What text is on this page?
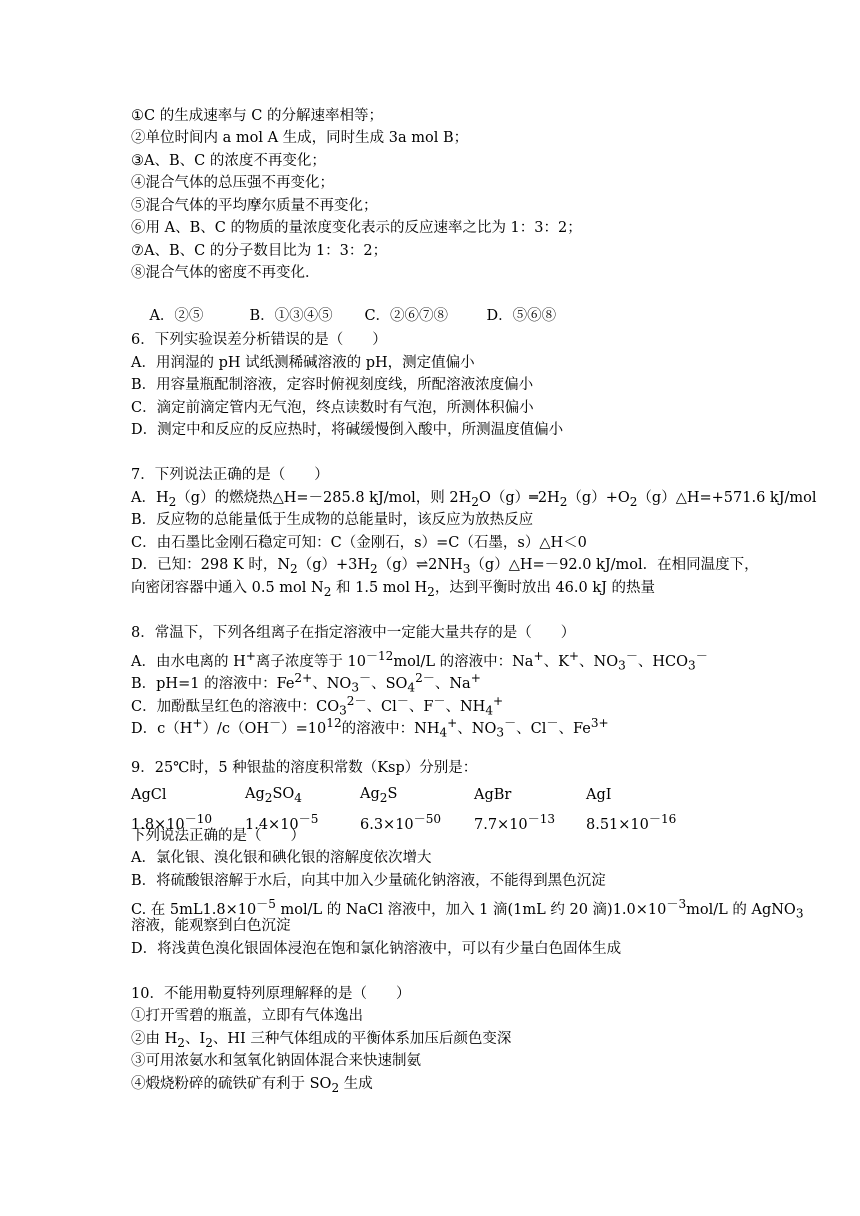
①C 的生成速率与 C 的分解速率相等；
②单位时间内 a mol A 生成，同时生成 3a mol B；
③A、B、C 的浓度不再变化；
④混合气体的总压强不再变化；
⑤混合气体的平均摩尔质量不再变化；
⑥用 A、B、C 的物质的量浓度变化表示的反应速率之比为 1：3：2；
⑦A、B、C 的分子数目比为 1：3：2；
⑧混合气体的密度不再变化．

A．②⑤	B．①③④⑤ C．②⑥⑦⑧	D．⑤⑥⑧

6．下列实验误差分析错误的是（　　）
A．用润湿的 pH 试纸测稀碱溶液的 pH，测定值偏小
B．用容量瓶配制溶液，定容时俯视刻度线，所配溶液浓度偏小
C．滴定前滴定管内无气泡，终点读数时有气泡，所测体积偏小
D．测定中和反应的反应热时，将碱缓慢倒入酸中，所测温度值偏小
7．下列说法正确的是（　　）
A．$H_2(g)$的燃烧热△H=－285.8 kJ/mol，则 $2H_2O(g)═2H_2(g)+O_2(g)\triangle H=+571.6$ kJ/mol
B．反应物的总能量低于生成物的总能量时，该反应为放热反应
C．由石墨比金刚石稳定可知：C（金刚石，s）=C（石墨，s）△H＜0
D．已知：298 K 时，$N_2(g)+3H_2(g)\rightleftharpoons 2NH_3(g)\triangle H=-92.0$ kJ/mol．在相同温度下，
向密闭容器中通入 0.5 mol $N_2$ 和 1.5 mol $H_2$，达到平衡时放出 46.0 kJ 的热量
8．常温下，下列各组离子在指定溶液中一定能大量共存的是（　　）
A．由水电离的 H+离子浓度等于 $10^{-12}mol/L$ 的溶液中：Na+、K+、$NO_3^-$、$HCO_3^-$
B．pH=1 的溶液中：$Fe^{2+}$、$NO_3^-$、$SO_4^{2-}$、Na+
C．加酚酞呈红色的溶液中：$CO_3^{2-}$、Cl－、F－、$NH_4^+$
D．$c(H^+)/c(OH^-)=10^{12}$的溶液中：$NH_4^+$、$NO_3^-$、Cl－、$Fe^{3+}$
9．25℃时，5 种银盐的溶度积常数（Ksp）分别是：
AgCl	$Ag_2SO_4$	$Ag_2S$	AgBr	AgI
$1.8\times 10^{-10}$	$1.4\times 10^{-5}$	$6.3\times 10^{-50}$	$7.7\times 10^{-13}$	$8.51\times 10^{-16}$
下列说法正确的是（　　）
A．氯化银、溴化银和碘化银的溶解度依次增大
B．将硫酸银溶解于水后，向其中加入少量硫化钠溶液，不能得到黑色沉淀
C. 在 $5mL1.8\times 10^{-5}$ mol/L 的 NaCl 溶液中，加入 1 滴(1mL 约 20 滴)$1.0\times 10^{-3}mol/L$ 的 AgNO$_3$
溶液，能观察到白色沉淀
D．将浅黄色溴化银固体浸泡在饱和氯化钠溶液中，可以有少量白色固体生成
10．不能用勒夏特列原理解释的是（　　）
①打开雪碧的瓶盖，立即有气体逸出
②由 $H_2$、$I_2$、HI 三种气体组成的平衡体系加压后颜色变深
③可用浓氨水和氢氧化钠固体混合来快速制氨
④煅烧粉碎的硫铁矿有利于 $SO_2$ 生成
